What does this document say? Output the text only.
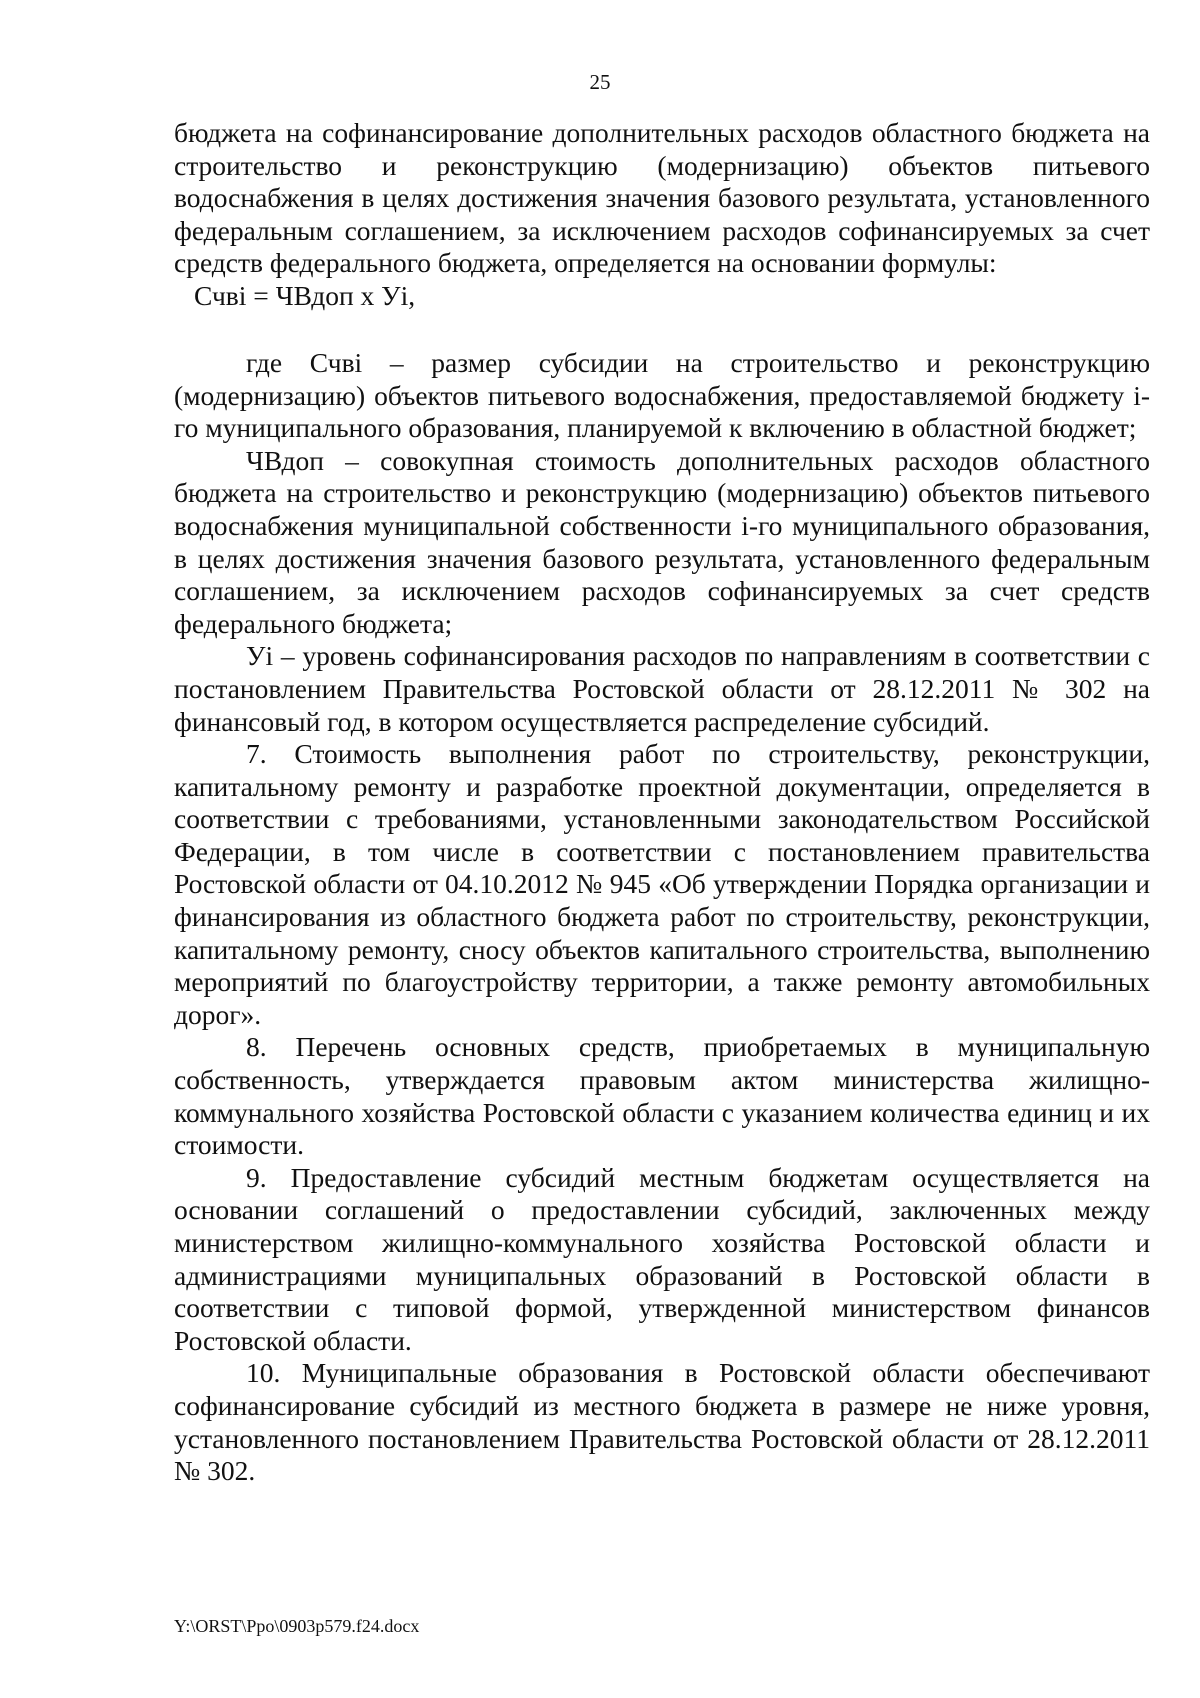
25

бюджета на софинансирование дополнительных расходов областного бюджета на строительство и реконструкцию (модернизацию) объектов питьевого водоснабжения в целях достижения значения базового результата, установленного федеральным соглашением, за исключением расходов софинансируемых за счет средств федерального бюджета, определяется на основании формулы:

Счві = ЧВдоп х Уі,

где Счві – размер субсидии на строительство и реконструкцию (модернизацию) объектов питьевого водоснабжения, предоставляемой бюджету і-го муниципального образования, планируемой к включению в областной бюджет;

ЧВдоп – совокупная стоимость дополнительных расходов областного бюджета на строительство и реконструкцию (модернизацию) объектов питьевого водоснабжения муниципальной собственности і-го муниципального образования, в целях достижения значения базового результата, установленного федеральным соглашением, за исключением расходов софинансируемых за счет средств федерального бюджета;

Уі – уровень софинансирования расходов по направлениям в соответствии с постановлением Правительства Ростовской области от 28.12.2011 № 302 на финансовый год, в котором осуществляется распределение субсидий.

7. Стоимость выполнения работ по строительству, реконструкции, капитальному ремонту и разработке проектной документации, определяется в соответствии с требованиями, установленными законодательством Российской Федерации, в том числе в соответствии с постановлением правительства Ростовской области от 04.10.2012 № 945 «Об утверждении Порядка организации и финансирования из областного бюджета работ по строительству, реконструкции, капитальному ремонту, сносу объектов капитального строительства, выполнению мероприятий по благоустройству территории, а также ремонту автомобильных дорог».

8. Перечень основных средств, приобретаемых в муниципальную собственность, утверждается правовым актом министерства жилищно-коммунального хозяйства Ростовской области с указанием количества единиц и их стоимости.

9. Предоставление субсидий местным бюджетам осуществляется на основании соглашений о предоставлении субсидий, заключенных между министерством жилищно-коммунального хозяйства Ростовской области и администрациями муниципальных образований в Ростовской области в соответствии с типовой формой, утвержденной министерством финансов Ростовской области.

10. Муниципальные образования в Ростовской области обеспечивают софинансирование субсидий из местного бюджета в размере не ниже уровня, установленного постановлением Правительства Ростовской области от 28.12.2011 № 302.

Y:\ORST\Ppo\0903p579.f24.docx
